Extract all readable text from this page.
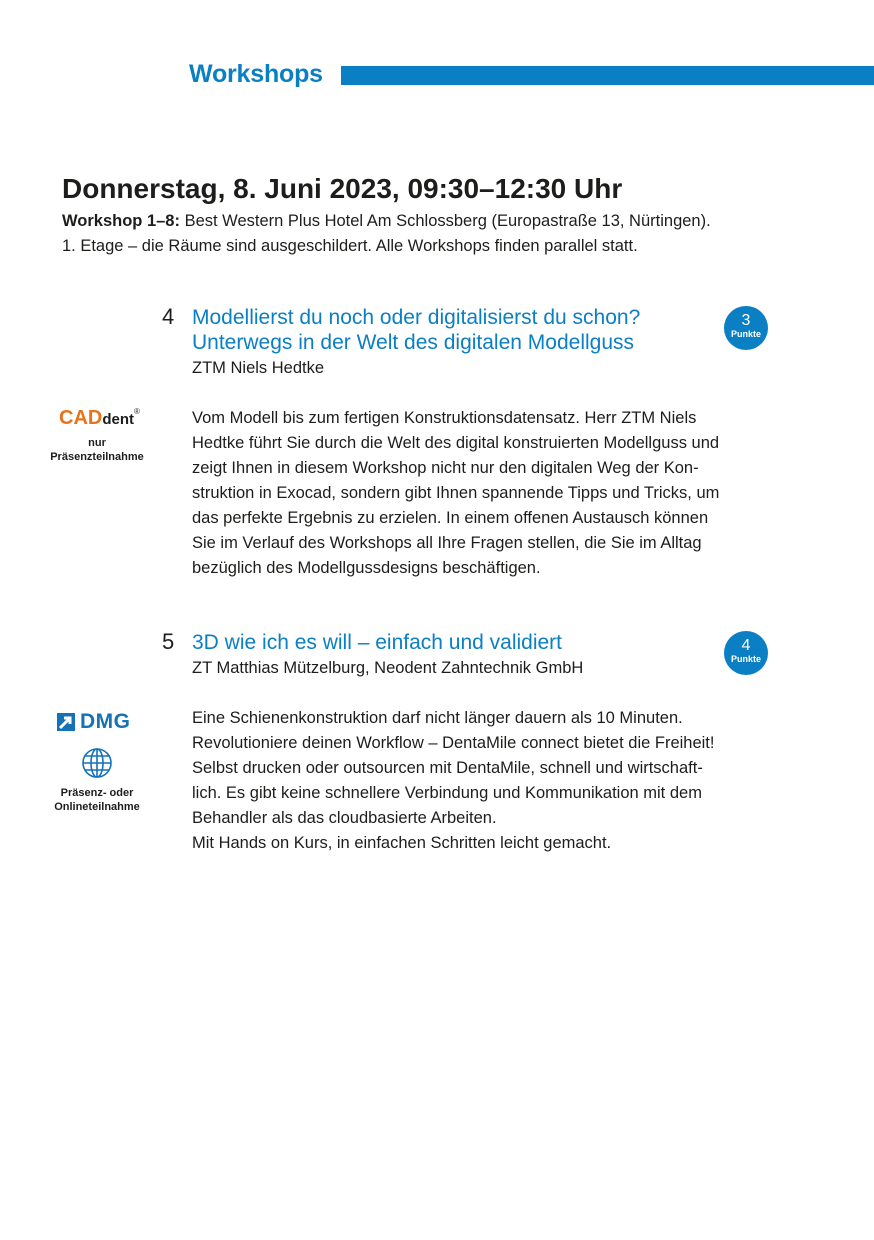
Workshops
Donnerstag, 8. Juni 2023, 09:30–12:30 Uhr
Workshop 1–8: Best Western Plus Hotel Am Schlossberg (Europastraße 13, Nürtingen).
1. Etage – die Räume sind ausgeschildert. Alle Workshops finden parallel statt.
4 Modellierst du noch oder digitalisierst du schon?
Unterwegs in der Welt des digitalen Modellguss
ZTM Niels Hedtke
3
Punkte
CADdent®
nur
Präsenzteilnahme

Vom Modell bis zum fertigen Konstruktionsdatensatz. Herr ZTM Niels

Hedtke führt Sie durch die Welt des digital konstruierten Modellguss und

zeigt Ihnen in diesem Workshop nicht nur den digitalen Weg der Kon-

struktion in Exocad, sondern gibt Ihnen spannende Tipps und Tricks, um

das perfekte Ergebnis zu erzielen. In einem offenen Austausch können

Sie im Verlauf des Workshops all Ihre Fragen stellen, die Sie im Alltag

bezüglich des Modellgussdesigns beschäftigen.

5 3D wie ich es will – einfach und validiert
ZT Matthias Mützelburg, Neodent Zahntechnik GmbH
4
Punkte
DMG
Präsenz- oder
Onlineteilnahme

Eine Schienenkonstruktion darf nicht länger dauern als 10 Minuten.

Revolutioniere deinen Workflow – DentaMile connect bietet die Freiheit!

Selbst drucken oder outsourcen mit DentaMile, schnell und wirtschaft-

lich. Es gibt keine schnellere Verbindung und Kommunikation mit dem

Behandler als das cloudbasierte Arbeiten.

Mit Hands on Kurs, in einfachen Schritten leicht gemacht.
